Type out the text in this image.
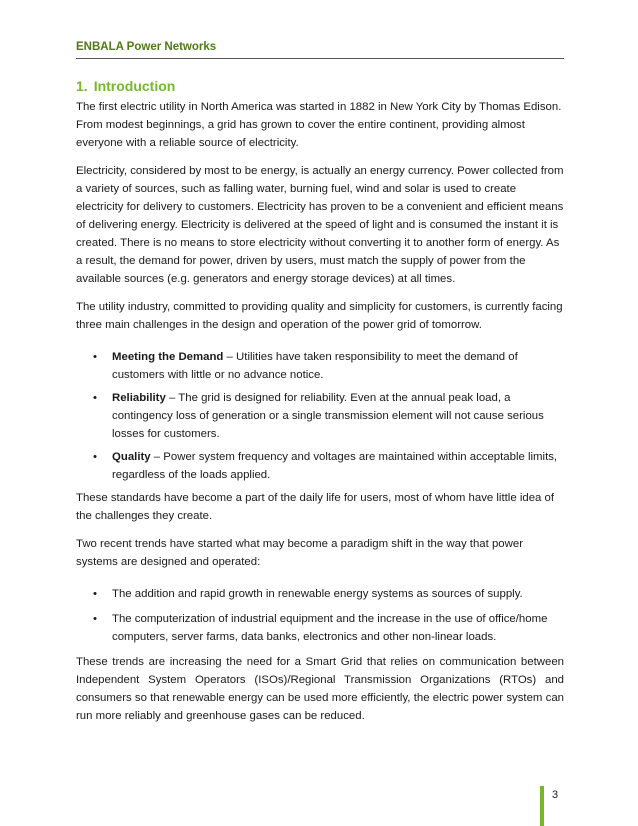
ENBALA Power Networks
1. Introduction

The first electric utility in North America was started in 1882 in New York City by Thomas Edison. From modest beginnings, a grid has grown to cover the entire continent, providing almost everyone with a reliable source of electricity.

Electricity, considered by most to be energy, is actually an energy currency. Power collected from a variety of sources, such as falling water, burning fuel, wind and solar is used to create electricity for delivery to customers. Electricity has proven to be a convenient and efficient means of delivering energy. Electricity is delivered at the speed of light and is consumed the instant it is created. There is no means to store electricity without converting it to another form of energy. As a result, the demand for power, driven by users, must match the supply of power from the available sources (e.g. generators and energy storage devices) at all times.

The utility industry, committed to providing quality and simplicity for customers, is currently facing three main challenges in the design and operation of the power grid of tomorrow.

• Meeting the Demand – Utilities have taken responsibility to meet the demand of customers with little or no advance notice.
• Reliability – The grid is designed for reliability. Even at the annual peak load, a contingency loss of generation or a single transmission element will not cause serious losses for customers.
• Quality – Power system frequency and voltages are maintained within acceptable limits, regardless of the loads applied.

These standards have become a part of the daily life for users, most of whom have little idea of the challenges they create.

Two recent trends have started what may become a paradigm shift in the way that power systems are designed and operated:

• The addition and rapid growth in renewable energy systems as sources of supply.
• The computerization of industrial equipment and the increase in the use of office/home computers, server farms, data banks, electronics and other non-linear loads.

These trends are increasing the need for a Smart Grid that relies on communication between Independent System Operators (ISOs)/Regional Transmission Organizations (RTOs) and consumers so that renewable energy can be used more efficiently, the electric power system can run more reliably and greenhouse gases can be reduced.

3
